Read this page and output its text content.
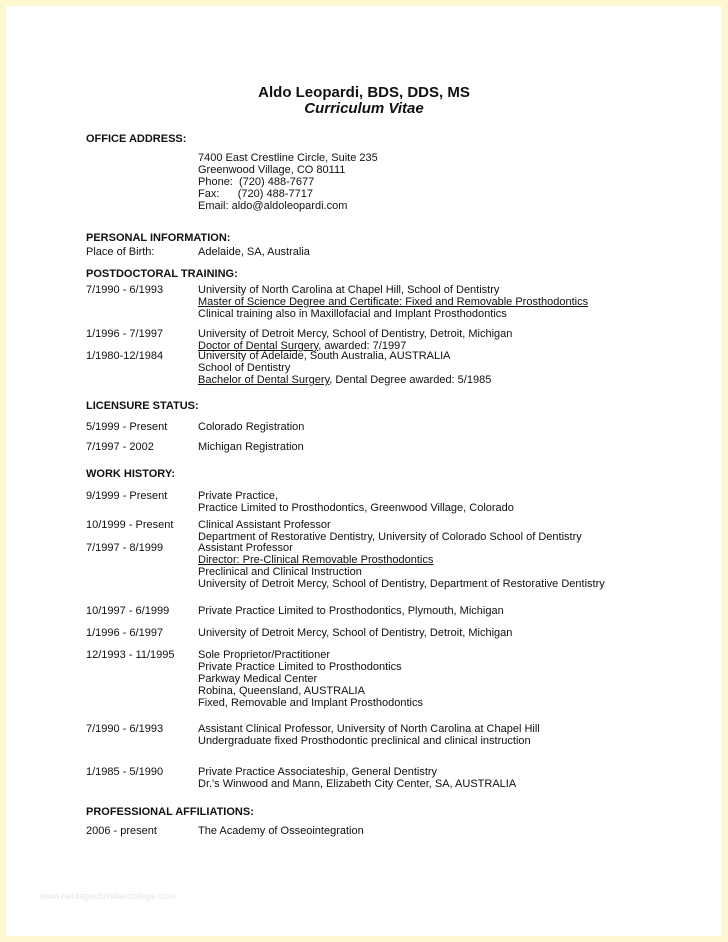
Aldo Leopardi, BDS, DDS, MS
Curriculum Vitae
OFFICE ADDRESS:
7400 East Crestline Circle, Suite 235
Greenwood Village, CO 80111
Phone:  (720) 488-7677
Fax:      (720) 488-7717
Email: aldo@aldoleopardi.com
PERSONAL INFORMATION:
Place of Birth:	Adelaide, SA, Australia
POSTDOCTORAL TRAINING:
7/1990 - 6/1993	University of North Carolina at Chapel Hill, School of Dentistry
Master of Science Degree and Certificate: Fixed and Removable Prosthodontics
Clinical training also in Maxillofacial and Implant Prosthodontics
1/1996 - 7/1997	University of Detroit Mercy, School of Dentistry, Detroit, Michigan
Doctor of Dental Surgery, awarded: 7/1997
1/1980-12/1984	University of Adelaide, South Australia, AUSTRALIA
School of Dentistry
Bachelor of Dental Surgery, Dental Degree awarded: 5/1985
LICENSURE STATUS:
5/1999 - Present	Colorado Registration
7/1997 - 2002	Michigan Registration
WORK HISTORY:
9/1999 - Present	Private Practice,
Practice Limited to Prosthodontics, Greenwood Village, Colorado
10/1999 - Present Clinical Assistant Professor
Department of Restorative Dentistry, University of Colorado School of Dentistry
7/1997 - 8/1999	Assistant Professor
Director: Pre-Clinical Removable Prosthodontics
Preclinical and Clinical Instruction
University of Detroit Mercy, School of Dentistry, Department of Restorative Dentistry
10/1997 - 6/1999	Private Practice Limited to Prosthodontics, Plymouth, Michigan
1/1996 - 6/1997	University of Detroit Mercy, School of Dentistry, Detroit, Michigan
12/1993 - 11/1995 Sole Proprietor/Practitioner
Private Practice Limited to Prosthodontics
Parkway Medical Center
Robina, Queensland, AUSTRALIA
Fixed, Removable and Implant Prosthodontics
7/1990 - 6/1993	Assistant Clinical Professor, University of North Carolina at Chapel Hill
Undergraduate fixed Prosthodontic preclinical and clinical instruction
1/1985 - 5/1990	Private Practice Associateship, General Dentistry
Dr.'s Winwood and Mann, Elizabeth City Center, SA, AUSTRALIA
PROFESSIONAL AFFILIATIONS:
2006 - present	The Academy of Osseointegration
www.heritagechristiancollege.com
